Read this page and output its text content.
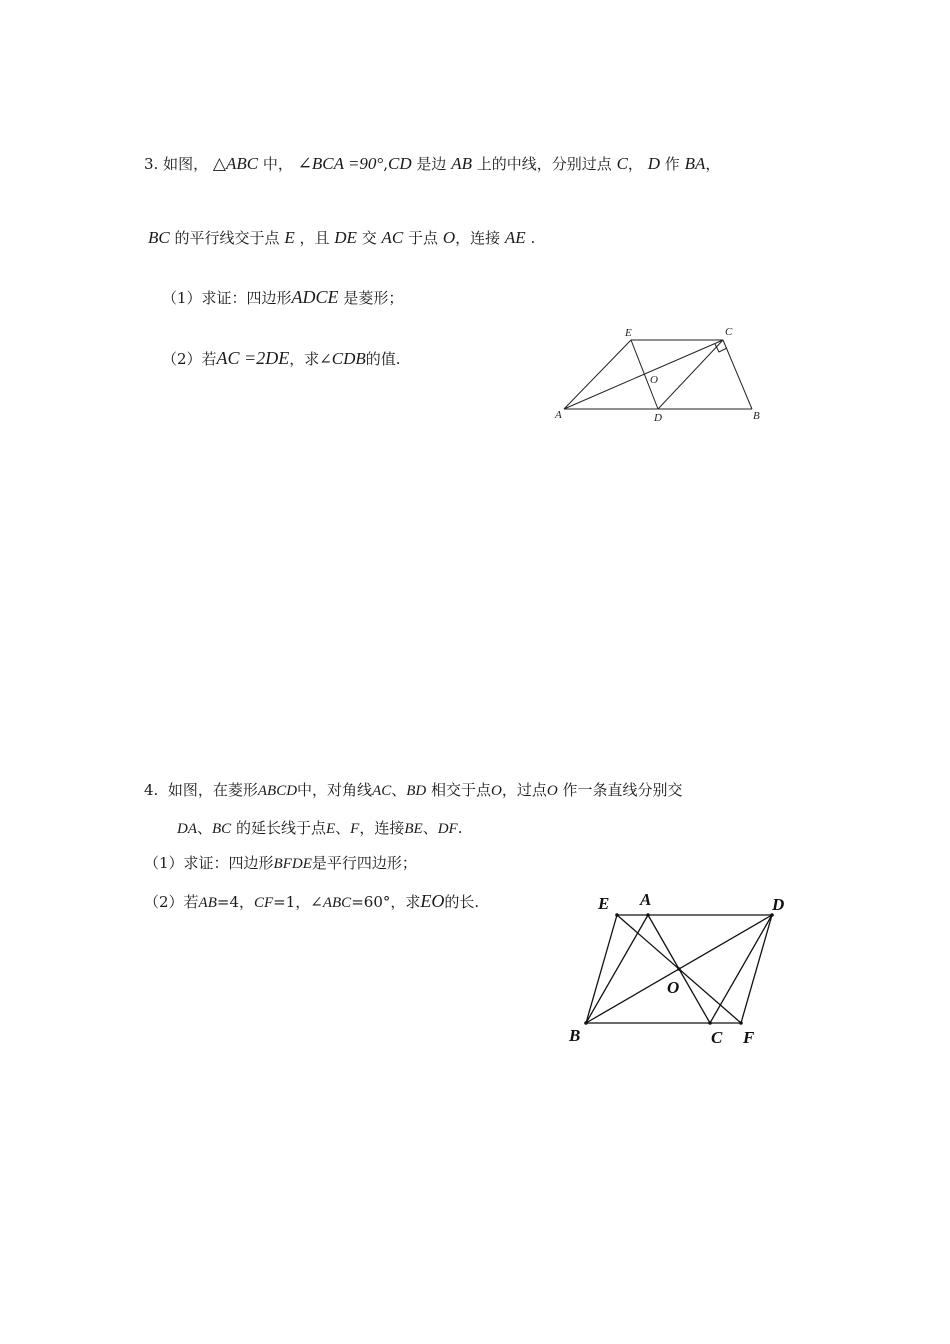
3. 如图， △ABC 中， ∠BCA =90°,CD 是边 AB 上的中线，分别过点 C， D 作 BA，
BC 的平行线交于点 E ，且 DE 交 AC 于点 O，连接 AE .
（1）求证：四边形ADCE 是菱形；
（2）若AC =2DE，求∠CDB的值.
E	C
O
A	D	B
4. 如图，在菱形ABCD中，对角线AC、BD 相交于点O，过点O 作一条直线分别交
DA、BC 的延长线于点E、F，连接BE、DF.
（1）求证：四边形BFDE是平行四边形；
（2）若AB=4，CF=1，∠ABC=60°，求EO的长.	E A	D
O
B	C F
